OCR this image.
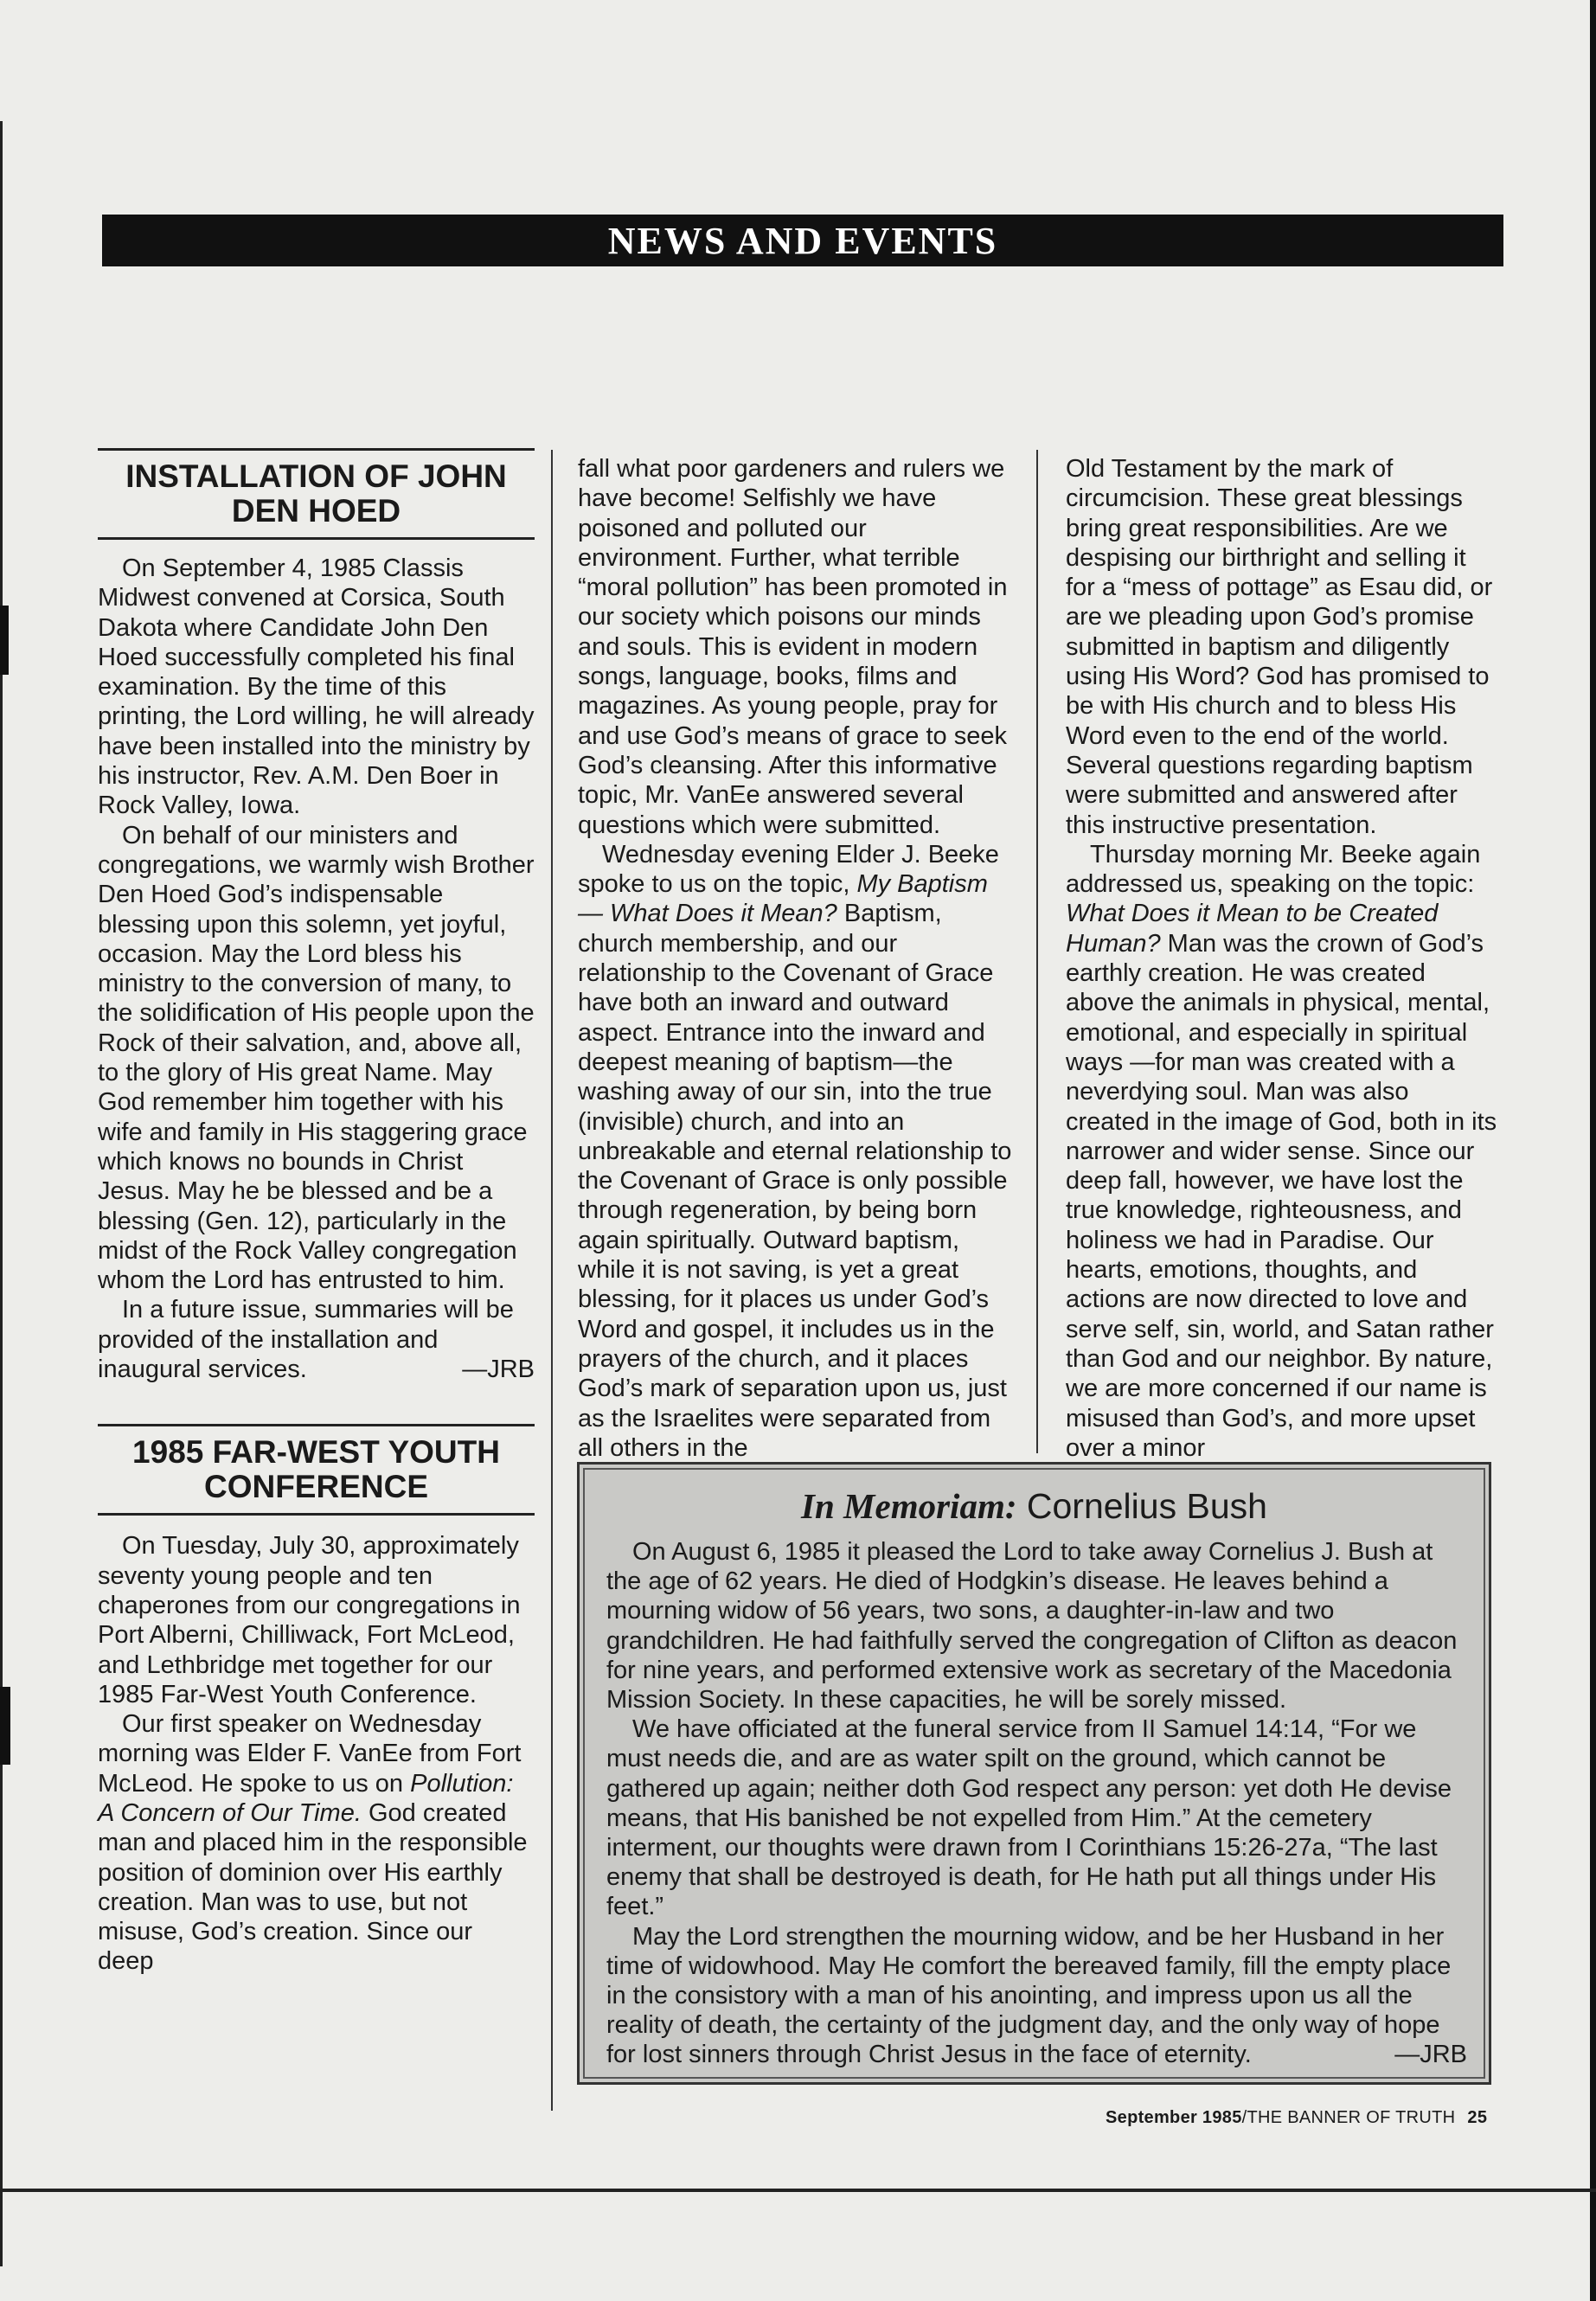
NEWS AND EVENTS
INSTALLATION OF JOHN DEN HOED

On September 4, 1985 Classis Midwest convened at Corsica, South Dakota where Candidate John Den Hoed successfully completed his final examination. By the time of this printing, the Lord willing, he will already have been installed into the ministry by his instructor, Rev. A.M. Den Boer in Rock Valley, Iowa.

On behalf of our ministers and congregations, we warmly wish Brother Den Hoed God’s indispensable blessing upon this solemn, yet joyful, occasion. May the Lord bless his ministry to the conversion of many, to the solidification of His people upon the Rock of their salvation, and, above all, to the glory of His great Name. May God remember him together with his wife and family in His staggering grace which knows no bounds in Christ Jesus. May he be blessed and be a blessing (Gen. 12), particularly in the midst of the Rock Valley congregation whom the Lord has entrusted to him.

In a future issue, summaries will be provided of the installation and inaugural services.	—JRB

1985 FAR-WEST YOUTH CONFERENCE

On Tuesday, July 30, approximately seventy young people and ten chaperones from our congregations in Port Alberni, Chilliwack, Fort McLeod, and Lethbridge met together for our 1985 Far-West Youth Conference.

Our first speaker on Wednesday morning was Elder F. VanEe from Fort McLeod. He spoke to us on Pollution: A Concern of Our Time. God created man and placed him in the responsible position of dominion over His earthly creation. Man was to use, but not misuse, God’s creation. Since our deep

fall what poor gardeners and rulers we have become! Selfishly we have poisoned and polluted our environment. Further, what terrible “moral pollution” has been promoted in our society which poisons our minds and souls. This is evident in modern songs, language, books, films and magazines. As young people, pray for and use God’s means of grace to seek God’s cleansing. After this informative topic, Mr. VanEe answered several questions which were submitted.

Wednesday evening Elder J. Beeke spoke to us on the topic, My Baptism — What Does it Mean? Baptism, church membership, and our relationship to the Covenant of Grace have both an inward and outward aspect. Entrance into the inward and deepest meaning of baptism—the washing away of our sin, into the true (invisible) church, and into an unbreakable and eternal relationship to the Covenant of Grace is only possible through regeneration, by being born again spiritually. Outward baptism, while it is not saving, is yet a great blessing, for it places us under God’s Word and gospel, it includes us in the prayers of the church, and it places God’s mark of separation upon us, just as the Israelites were separated from all others in the

Old Testament by the mark of circumcision. These great blessings bring great responsibilities. Are we despising our birthright and selling it for a “mess of pottage” as Esau did, or are we pleading upon God’s promise submitted in baptism and diligently using His Word? God has promised to be with His church and to bless His Word even to the end of the world. Several questions regarding baptism were submitted and answered after this instructive presentation.

Thursday morning Mr. Beeke again addressed us, speaking on the topic: What Does it Mean to be Created Human? Man was the crown of God’s earthly creation. He was created above the animals in physical, mental, emotional, and especially in spiritual ways —for man was created with a neverdying soul. Man was also created in the image of God, both in its narrower and wider sense. Since our deep fall, however, we have lost the true knowledge, righteousness, and holiness we had in Paradise. Our hearts, emotions, thoughts, and actions are now directed to love and serve self, sin, world, and Satan rather than God and our neighbor. By nature, we are more concerned if our name is misused than God’s, and more upset over a minor

In Memoriam: Cornelius Bush

On August 6, 1985 it pleased the Lord to take away Cornelius J. Bush at the age of 62 years. He died of Hodgkin’s disease. He leaves behind a mourning widow of 56 years, two sons, a daughter-in-law and two grandchildren. He had faithfully served the congregation of Clifton as deacon for nine years, and performed extensive work as secretary of the Macedonia Mission Society. In these capacities, he will be sorely missed.

We have officiated at the funeral service from II Samuel 14:14, “For we must needs die, and are as water spilt on the ground, which cannot be gathered up again; neither doth God respect any person: yet doth He devise means, that His banished be not expelled from Him.” At the cemetery interment, our thoughts were drawn from I Corinthians 15:26-27a, “The last enemy that shall be destroyed is death, for He hath put all things under His feet.”

May the Lord strengthen the mourning widow, and be her Husband in her time of widowhood. May He comfort the bereaved family, fill the empty place in the consistory with a man of his anointing, and impress upon us all the reality of death, the certainty of the judgment day, and the only way of hope for lost sinners through Christ Jesus in the face of eternity.	—JRB

September 1985/THE BANNER OF TRUTH 25
